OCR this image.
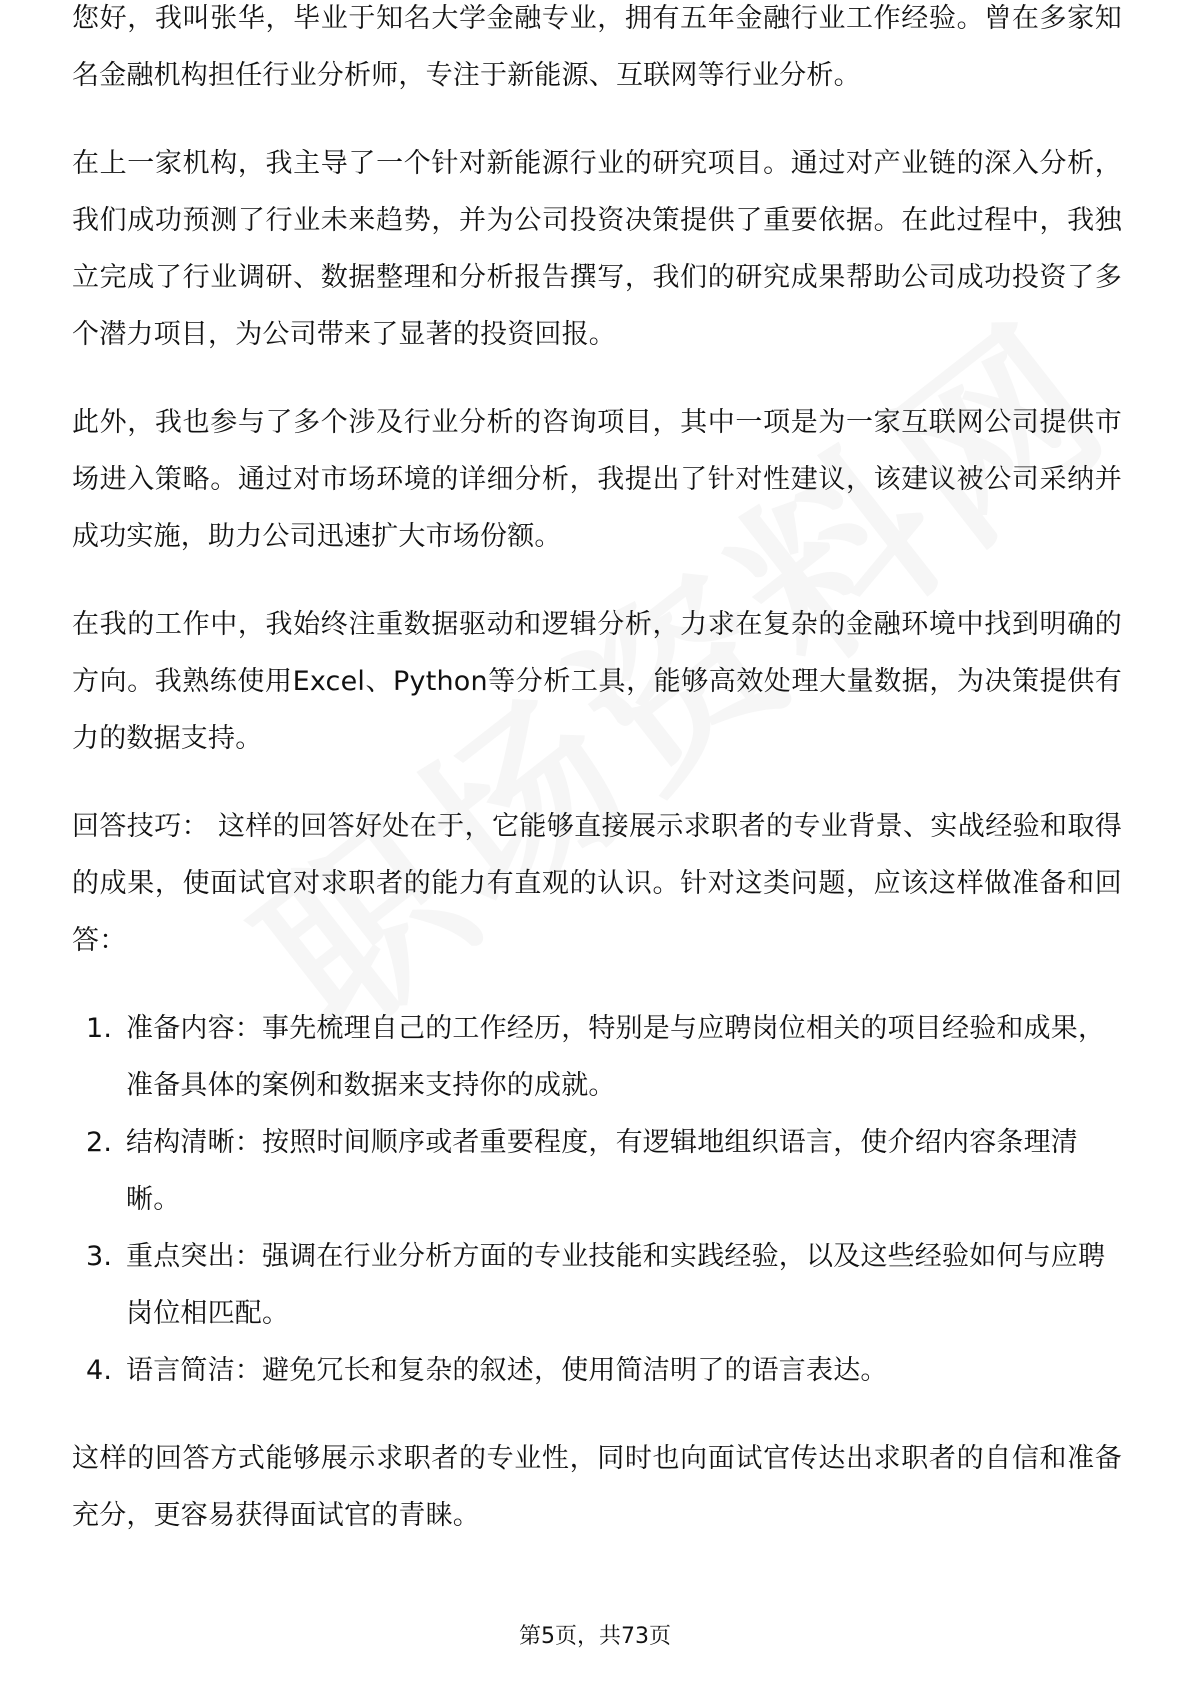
您好，我叫张华，毕业于知名大学金融专业，拥有五年金融行业工作经验。曾在多家知名金融机构担任行业分析师，专注于新能源、互联网等行业分析。

在上一家机构，我主导了一个针对新能源行业的研究项目。通过对产业链的深入分析，我们成功预测了行业未来趋势，并为公司投资决策提供了重要依据。在此过程中，我独立完成了行业调研、数据整理和分析报告撰写，我们的研究成果帮助公司成功投资了多个潜力项目，为公司带来了显著的投资回报。

此外，我也参与了多个涉及行业分析的咨询项目，其中一项是为一家互联网公司提供市场进入策略。通过对市场环境的详细分析，我提出了针对性建议，该建议被公司采纳并成功实施，助力公司迅速扩大市场份额。

在我的工作中，我始终注重数据驱动和逻辑分析，力求在复杂的金融环境中找到明确的方向。我熟练使用Excel、Python等分析工具，能够高效处理大量数据，为决策提供有力的数据支持。

回答技巧： 这样的回答好处在于，它能够直接展示求职者的专业背景、实战经验和取得的成果，使面试官对求职者的能力有直观的认识。针对这类问题，应该这样做准备和回答：

1. 准备内容：事先梳理自己的工作经历，特别是与应聘岗位相关的项目经验和成果，准备具体的案例和数据来支持你的成就。
2. 结构清晰：按照时间顺序或者重要程度，有逻辑地组织语言，使介绍内容条理清晰。
3. 重点突出：强调在行业分析方面的专业技能和实践经验，以及这些经验如何与应聘岗位相匹配。
4. 语言简洁：避免冗长和复杂的叙述，使用简洁明了的语言表达。

这样的回答方式能够展示求职者的专业性，同时也向面试官传达出求职者的自信和准备充分，更容易获得面试官的青睐。

第5页，共73页
